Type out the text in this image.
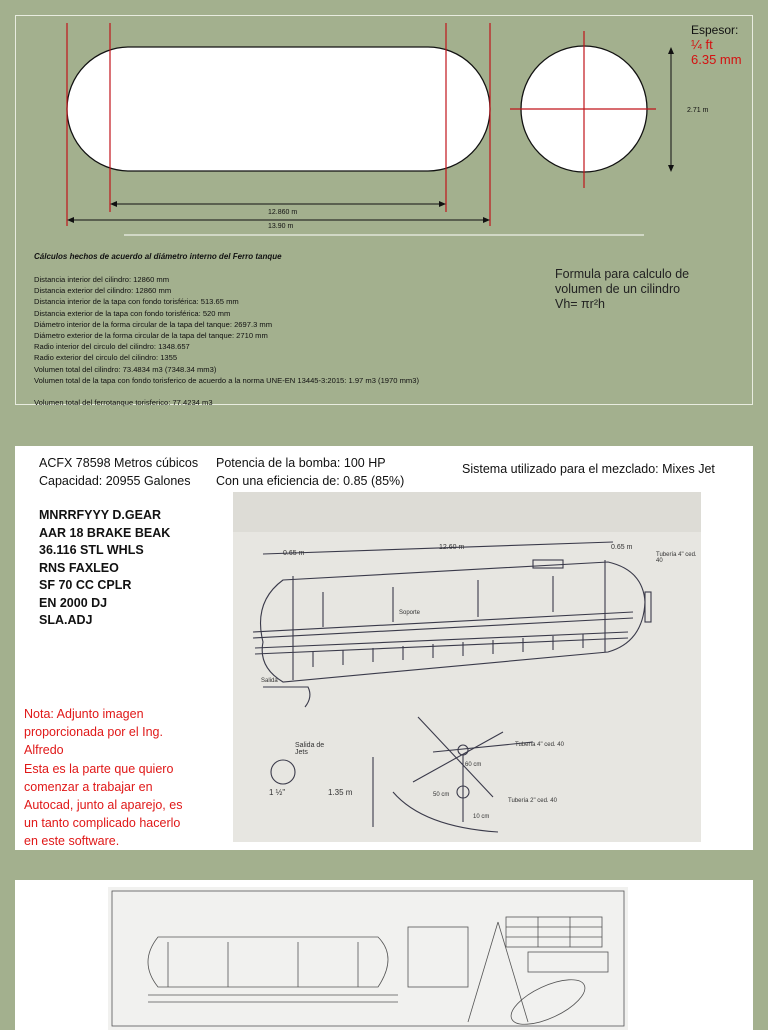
12.860 m
13.90 m
2.71 m
Espesor:
¼ ft
6.35 mm
Cálculos hechos de acuerdo al diámetro interno del Ferro tanque
Distancia interior del cilindro: 12860 mm
Distancia exterior del cilindro: 12860 mm
Distancia interior de la tapa con fondo torisférica: 513.65 mm
Distancia exterior de la tapa con fondo torisférica: 520 mm
Diámetro interior de la forma circular de la tapa del tanque: 2697.3 mm
Diámetro exterior de la forma circular de la tapa del tanque: 2710 mm
Radio interior del circulo del cilindro: 1348.657
Radio exterior del circulo del cilindro: 1355
Volumen total del cilindro: 73.4834 m3 (7348.34 mm3)
Volumen total de la tapa con fondo torisferico de acuerdo a la norma UNE-EN 13445-3:2015: 1.97 m3 (1970 mm3)
Volumen total del ferrotanque torisferico: 77.4234 m3
Formula para calculo de volumen de un cilindro
Vh= πr²h
ACFX 78598 Metros cúbicos
Capacidad: 20955 Galones
Potencia de la bomba: 100 HP
Con una eficiencia de: 0.85 (85%)
Sistema utilizado para el mezclado: Mixes Jet
MNRRFYYY D.GEAR
AAR 18 BRAKE BEAK
36.116 STL WHLS
RNS FAXLEO
SF 70 CC CPLR
EN 2000 DJ
SLA.ADJ
Nota: Adjunto imagen
proporcionada por el Ing.
Alfredo
Esta es la parte que quiero
comenzar a trabajar en
Autocad, junto al aparejo, es
un tanto complicado hacerlo
en este software.
0.65 m
12.60 m	0.65 m
Tubería 4" ced. 40
Soporte
Salida
Salida de Jets
1 ½"	1.35 m
Tubería 4" ced. 40
60 cm
50 cm
10 cm
Tubería 2" ced. 40
